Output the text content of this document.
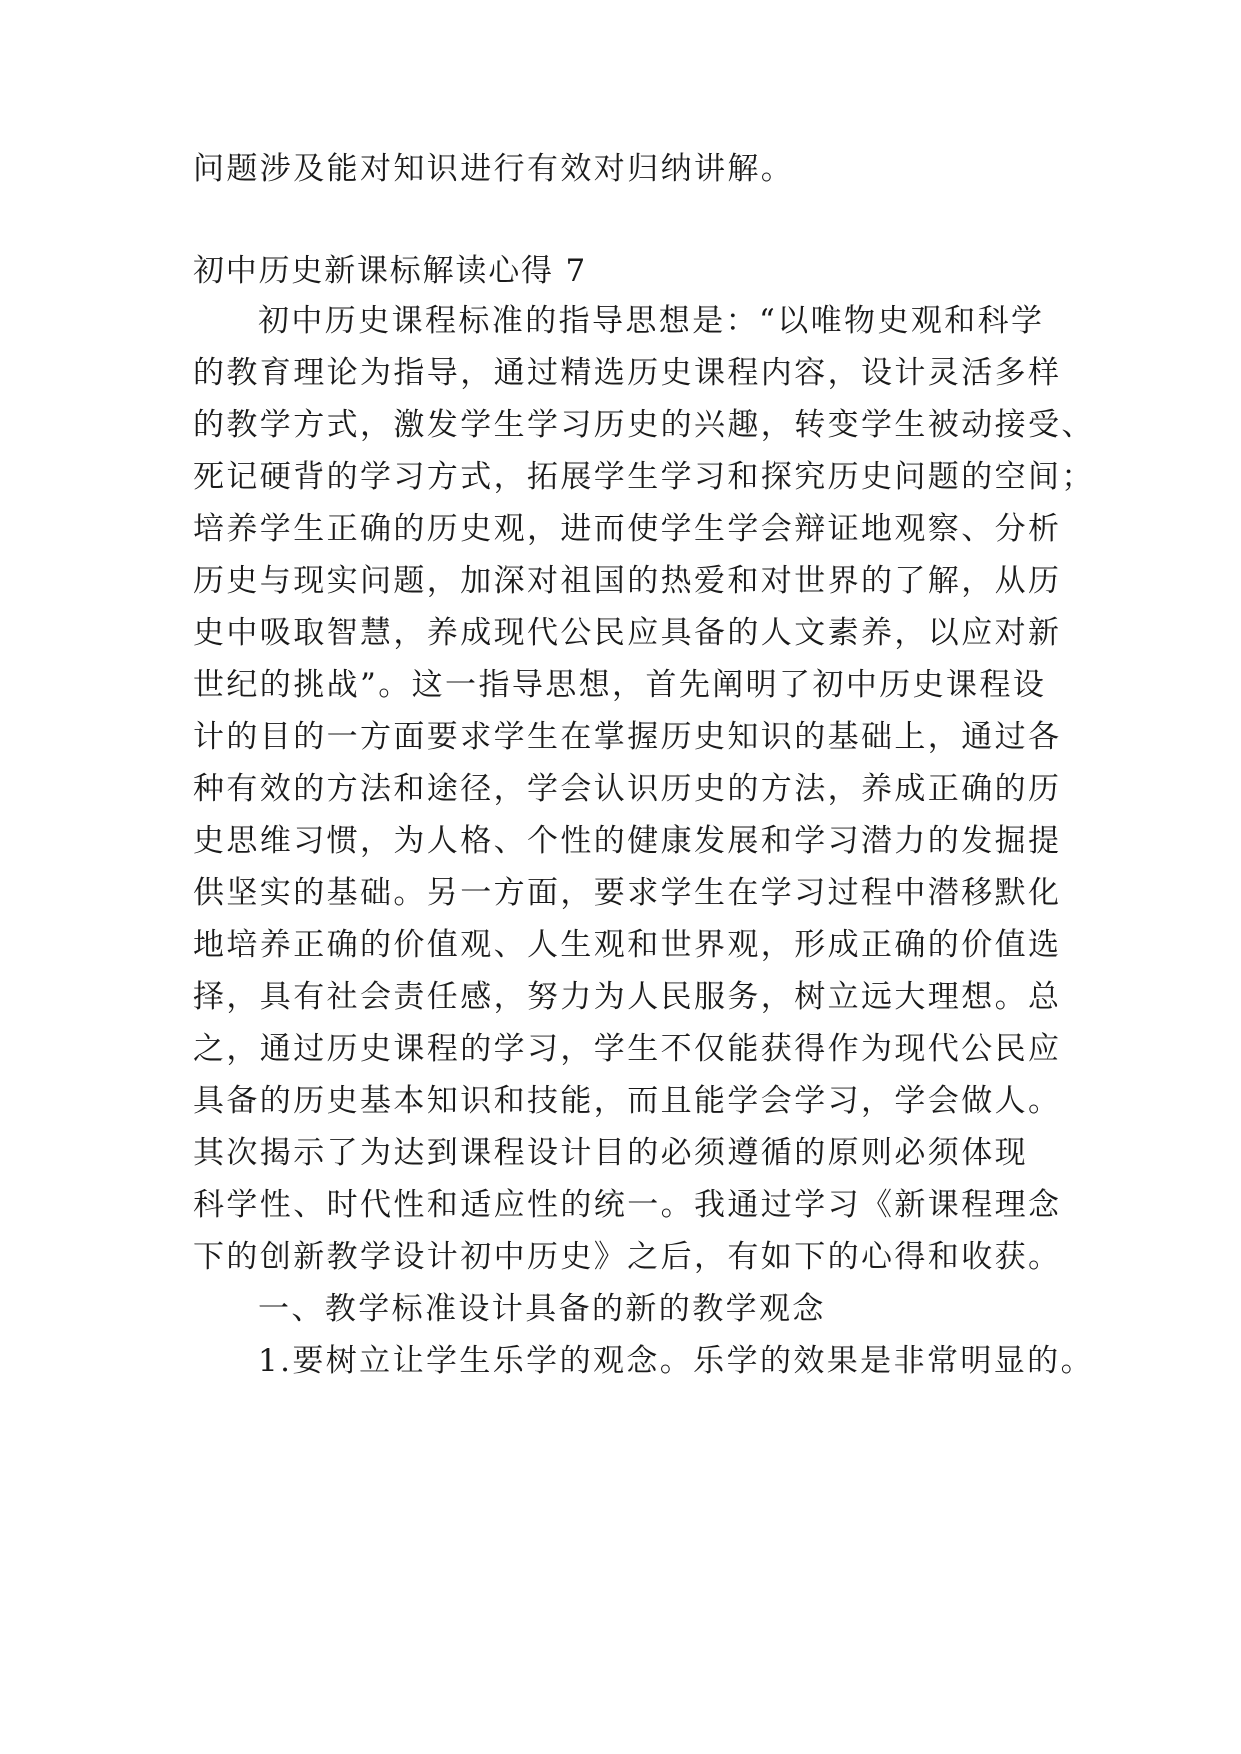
问题涉及能对知识进行有效对归纳讲解。

初中历史新课标解读心得 7

初中历史课程标准的指导思想是：“以唯物史观和科学

的教育理论为指导，通过精选历史课程内容，设计灵活多样

的教学方式，激发学生学习历史的兴趣，转变学生被动接受、

死记硬背的学习方式，拓展学生学习和探究历史问题的空间；

培养学生正确的历史观，进而使学生学会辩证地观察、分析

历史与现实问题，加深对祖国的热爱和对世界的了解，从历

史中吸取智慧，养成现代公民应具备的人文素养，以应对新

世纪的挑战”。这一指导思想，首先阐明了初中历史课程设

计的目的一方面要求学生在掌握历史知识的基础上，通过各

种有效的方法和途径，学会认识历史的方法，养成正确的历

史思维习惯，为人格、个性的健康发展和学习潜力的发掘提

供坚实的基础。另一方面，要求学生在学习过程中潜移默化

地培养正确的价值观、人生观和世界观，形成正确的价值选

择，具有社会责任感，努力为人民服务，树立远大理想。总

之，通过历史课程的学习，学生不仅能获得作为现代公民应

具备的历史基本知识和技能，而且能学会学习，学会做人。

其次揭示了为达到课程设计目的必须遵循的原则必须体现

科学性、时代性和适应性的统一。我通过学习《新课程理念

下的创新教学设计初中历史》之后，有如下的心得和收获。

一、教学标准设计具备的新的教学观念

1.要树立让学生乐学的观念。乐学的效果是非常明显的。
